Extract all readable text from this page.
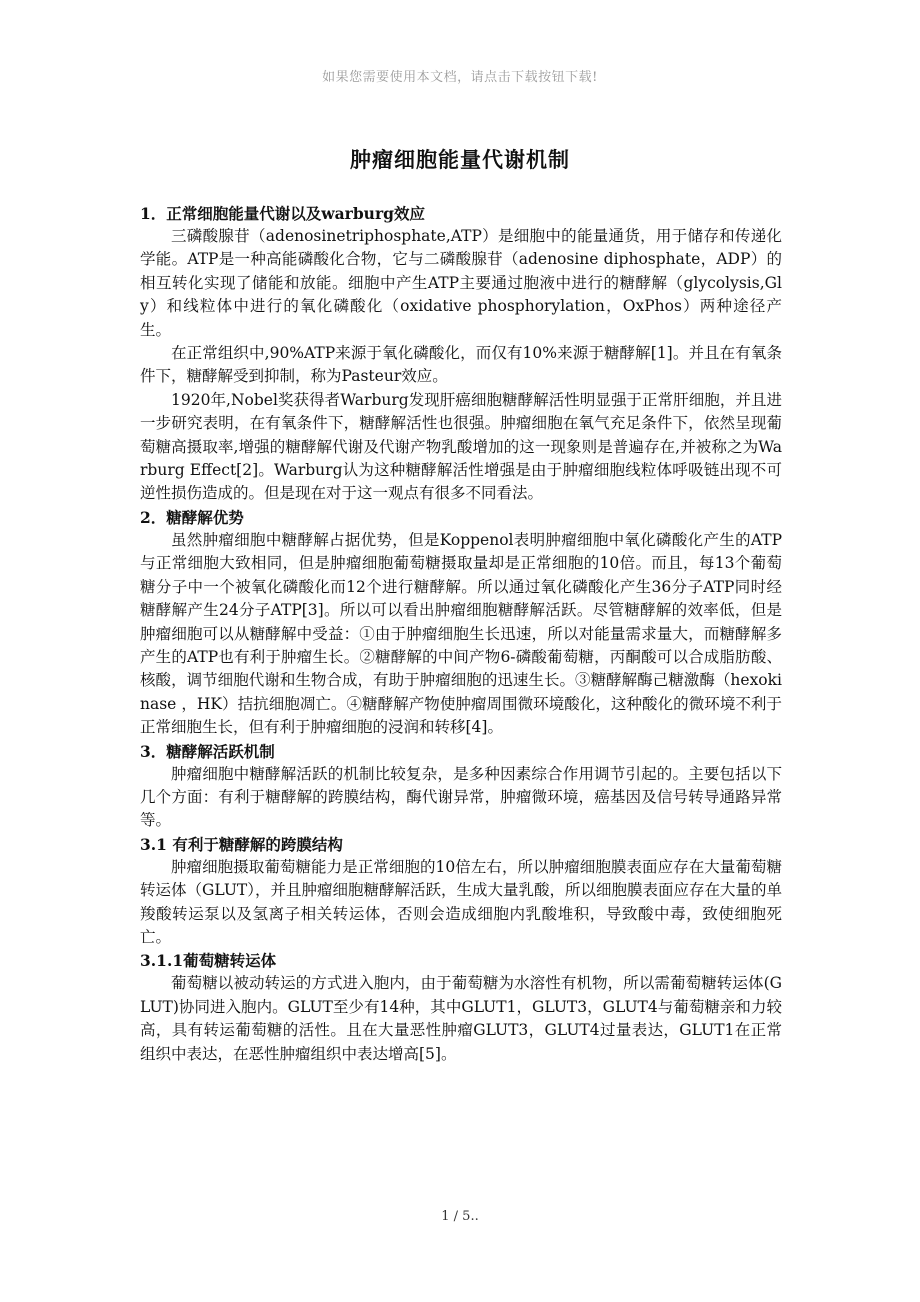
如果您需要使用本文档，请点击下载按钮下载!
肿瘤细胞能量代谢机制
1．正常细胞能量代谢以及warburg效应

三磷酸腺苷（adenosinetriphosphate,ATP）是细胞中的能量通货，用于储存和传递化学能。ATP是一种高能磷酸化合物，它与二磷酸腺苷（adenosine diphosphate，ADP）的相互转化实现了储能和放能。细胞中产生ATP主要通过胞液中进行的糖酵解（glycolysis,Gly）和线粒体中进行的氧化磷酸化（oxidative phosphorylation，OxPhos）两种途径产生。

在正常组织中,90%ATP来源于氧化磷酸化，而仅有10%来源于糖酵解[1]。并且在有氧条件下，糖酵解受到抑制，称为Pasteur效应。

1920年,Nobel奖获得者Warburg发现肝癌细胞糖酵解活性明显强于正常肝细胞，并且进一步研究表明，在有氧条件下，糖酵解活性也很强。肿瘤细胞在氧气充足条件下，依然呈现葡萄糖高摄取率,增强的糖酵解代谢及代谢产物乳酸增加的这一现象则是普遍存在,并被称之为Warburg Effect[2]。Warburg认为这种糖酵解活性增强是由于肿瘤细胞线粒体呼吸链出现不可逆性损伤造成的。但是现在对于这一观点有很多不同看法。

2．糖酵解优势

虽然肿瘤细胞中糖酵解占据优势，但是Koppenol表明肿瘤细胞中氧化磷酸化产生的ATP与正常细胞大致相同，但是肿瘤细胞葡萄糖摄取量却是正常细胞的10倍。而且，每13个葡萄糖分子中一个被氧化磷酸化而12个进行糖酵解。所以通过氧化磷酸化产生36分子ATP同时经糖酵解产生24分子ATP[3]。所以可以看出肿瘤细胞糖酵解活跃。尽管糖酵解的效率低，但是肿瘤细胞可以从糖酵解中受益：①由于肿瘤细胞生长迅速，所以对能量需求量大，而糖酵解多产生的ATP也有利于肿瘤生长。②糖酵解的中间产物6-磷酸葡萄糖，丙酮酸可以合成脂肪酸、核酸，调节细胞代谢和生物合成，有助于肿瘤细胞的迅速生长。③糖酵解酶己糖激酶（hexokinase ，HK）拮抗细胞凋亡。④糖酵解产物使肿瘤周围微环境酸化，这种酸化的微环境不利于正常细胞生长，但有利于肿瘤细胞的浸润和转移[4]。

3．糖酵解活跃机制

肿瘤细胞中糖酵解活跃的机制比较复杂，是多种因素综合作用调节引起的。主要包括以下几个方面：有利于糖酵解的跨膜结构，酶代谢异常，肿瘤微环境，癌基因及信号转导通路异常等。

3.1 有利于糖酵解的跨膜结构

肿瘤细胞摄取葡萄糖能力是正常细胞的10倍左右，所以肿瘤细胞膜表面应存在大量葡萄糖转运体（GLUT），并且肿瘤细胞糖酵解活跃，生成大量乳酸，所以细胞膜表面应存在大量的单羧酸转运泵以及氢离子相关转运体，否则会造成细胞内乳酸堆积，导致酸中毒，致使细胞死亡。

3.1.1葡萄糖转运体

葡萄糖以被动转运的方式进入胞内，由于葡萄糖为水溶性有机物，所以需葡萄糖转运体(GLUT)协同进入胞内。GLUT至少有14种，其中GLUT1，GLUT3，GLUT4与葡萄糖亲和力较高，具有转运葡萄糖的活性。且在大量恶性肿瘤GLUT3，GLUT4过量表达，GLUT1在正常组织中表达，在恶性肿瘤组织中表达增高[5]。

1 / 5..
